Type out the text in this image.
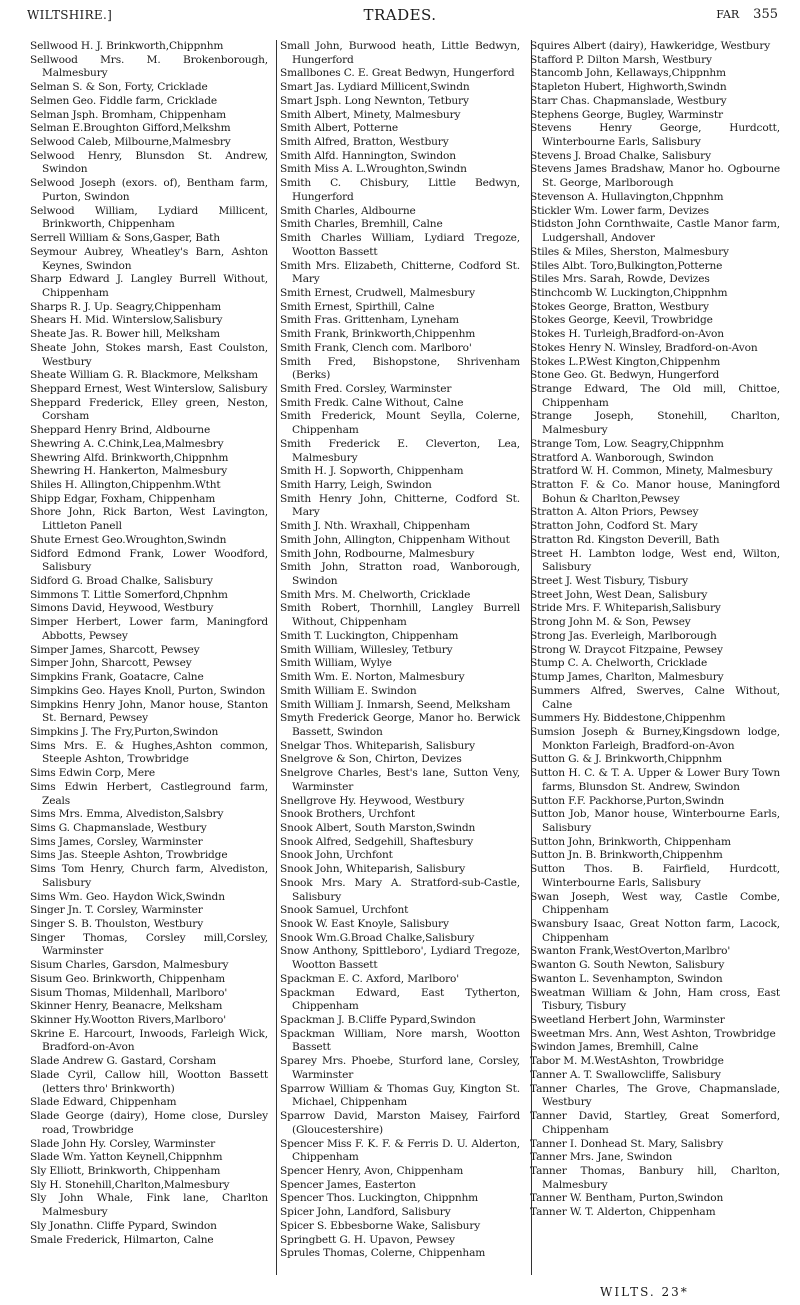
WILTSHIRE.]	TRADES.	FAR 355
Sellwood H. J. Brinkworth,Chippnhm
Sellwood Mrs. M. Brokenborough, Malmesbury
Selman S. & Son, Forty, Cricklade
Selmen Geo. Fiddle farm, Cricklade
Selman Jsph. Bromham, Chippenham
Selman E.Broughton Gifford,Melkshm
Selwood Caleb, Milbourne,Malmesbry
Selwood Henry, Blunsdon St. Andrew, Swindon
Selwood Joseph (exors. of), Bentham farm, Purton, Swindon
Selwood William, Lydiard Millicent, Brinkworth, Chippenham
Serrell William & Sons,Gasper, Bath
Seymour Aubrey, Wheatley's Barn, Ashton Keynes, Swindon
Sharp Edward J. Langley Burrell Without, Chippenham
Sharps R. J. Up. Seagry,Chippenham
Shears H. Mid. Winterslow,Salisbury
Sheate Jas. R. Bower hill, Melksham
Sheate John, Stokes marsh, East Coulston, Westbury
Sheate William G. R. Blackmore, Melksham
Sheppard Ernest, West Winterslow, Salisbury
Sheppard Frederick, Elley green, Neston, Corsham
Sheppard Henry Brind, Aldbourne
Shewring A. C.Chink,Lea,Malmesbry
Shewring Alfd. Brinkworth,Chippnhm
Shewring H. Hankerton, Malmesbury
Shiles H. Allington,Chippenhm.Wtht
Shipp Edgar, Foxham, Chippenham
Shore John, Rick Barton, West Lavington, Littleton Panell
Shute Ernest Geo.Wroughton,Swindn
Sidford Edmond Frank, Lower Woodford, Salisbury
Sidford G. Broad Chalke, Salisbury
Simmons T. Little Somerford,Chpnhm
Simons David, Heywood, Westbury
Simper Herbert, Lower farm, Maningford Abbotts, Pewsey
Simper James, Sharcott, Pewsey
Simper John, Sharcott, Pewsey
Simpkins Frank, Goatacre, Calne
Simpkins Geo. Hayes Knoll, Purton, Swindon
Simpkins Henry John, Manor house, Stanton St. Bernard, Pewsey
Simpkins J. The Fry,Purton,Swindon
Sims Mrs. E. & Hughes,Ashton common, Steeple Ashton, Trowbridge
Sims Edwin Corp, Mere
Sims Edwin Herbert, Castleground farm, Zeals
Sims Mrs. Emma, Alvediston,Salsbry
Sims G. Chapmanslade, Westbury
Sims James, Corsley, Warminster
Sims Jas. Steeple Ashton, Trowbridge
Sims Tom Henry, Church farm, Alvediston, Salisbury
Sims Wm. Geo. Haydon Wick,Swindn
Singer Jn. T. Corsley, Warminster
Singer S. B. Thoulston, Westbury
Singer Thomas, Corsley mill,Corsley, Warminster
Sisum Charles, Garsdon, Malmesbury
Sisum Geo. Brinkworth, Chippenham
Sisum Thomas, Mildenhall, Marlboro'
Skinner Henry, Beanacre, Melksham
Skinner Hy.Wootton Rivers,Marlboro'
Skrine E. Harcourt, Inwoods, Farleigh Wick, Bradford-on-Avon
Slade Andrew G. Gastard, Corsham
Slade Cyril, Callow hill, Wootton Bassett (letters thro' Brinkworth)
Slade Edward, Chippenham
Slade George (dairy), Home close, Dursley road, Trowbridge
Slade John Hy. Corsley, Warminster
Slade Wm. Yatton Keynell,Chippnhm
Sly Elliott, Brinkworth, Chippenham
Sly H. Stonehill,Charlton,Malmesbury
Sly John Whale, Fink lane, Charlton Malmesbury
Sly Jonathn. Cliffe Pypard, Swindon
Smale Frederick, Hilmarton, Calne
Small John, Burwood heath, Little Bedwyn, Hungerford
Smallbones C. E. Great Bedwyn, Hungerford
Smart Jas. Lydiard Millicent,Swindn
Smart Jsph. Long Newnton, Tetbury
Smith Albert, Minety, Malmesbury
Smith Albert, Potterne
Smith Alfred, Bratton, Westbury
Smith Alfd. Hannington, Swindon
Smith Miss A. L.Wroughton,Swindn
Smith C. Chisbury, Little Bedwyn, Hungerford
Smith Charles, Aldbourne
Smith Charles, Bremhill, Calne
Smith Charles William, Lydiard Tregoze, Wootton Bassett
Smith Mrs. Elizabeth, Chitterne, Codford St. Mary
Smith Ernest, Crudwell, Malmesbury
Smith Ernest, Spirthill, Calne
Smith Fras. Grittenham, Lyneham
Smith Frank, Brinkworth,Chippenhm
Smith Frank, Clench com. Marlboro'
Smith Fred, Bishopstone, Shrivenham (Berks)
Smith Fred. Corsley, Warminster
Smith Fredk. Calne Without, Calne
Smith Frederick, Mount Seylla, Colerne, Chippenham
Smith Frederick E. Cleverton, Lea, Malmesbury
Smith H. J. Sopworth, Chippenham
Smith Harry, Leigh, Swindon
Smith Henry John, Chitterne, Codford St. Mary
Smith J. Nth. Wraxhall, Chippenham
Smith John, Allington, Chippenham Without
Smith John, Rodbourne, Malmesbury
Smith John, Stratton road, Wanborough, Swindon
Smith Mrs. M. Chelworth, Cricklade
Smith Robert, Thornhill, Langley Burrell Without, Chippenham
Smith T. Luckington, Chippenham
Smith William, Willesley, Tetbury
Smith William, Wylye
Smith Wm. E. Norton, Malmesbury
Smith William E. Swindon
Smith William J. Inmarsh, Seend, Melksham
Smyth Frederick George, Manor ho. Berwick Bassett, Swindon
Snelgar Thos. Whiteparish, Salisbury
Snelgrove & Son, Chirton, Devizes
Snelgrove Charles, Best's lane, Sutton Veny, Warminster
Snellgrove Hy. Heywood, Westbury
Snook Brothers, Urchfont
Snook Albert, South Marston,Swindn
Snook Alfred, Sedgehill, Shaftesbury
Snook John, Urchfont
Snook John, Whiteparish, Salisbury
Snook Mrs. Mary A. Stratford-sub-Castle, Salisbury
Snook Samuel, Urchfont
Snook W. East Knoyle, Salisbury
Snook Wm.G.Broad Chalke,Salisbury
Snow Anthony, Spittleboro', Lydiard Tregoze, Wootton Bassett
Spackman E. C. Axford, Marlboro'
Spackman Edward, East Tytherton, Chippenham
Spackman J. B.Cliffe Pypard,Swindon
Spackman William, Nore marsh, Wootton Bassett
Sparey Mrs. Phoebe, Sturford lane, Corsley, Warminster
Sparrow William & Thomas Guy, Kington St. Michael, Chippenham
Sparrow David, Marston Maisey, Fairford (Gloucestershire)
Spencer Miss F. K. F. & Ferris D. U. Alderton, Chippenham
Spencer Henry, Avon, Chippenham
Spencer James, Easterton
Spencer Thos. Luckington, Chippnhm
Spicer John, Landford, Salisbury
Spicer S. Ebbesborne Wake, Salisbury
Springbett G. H. Upavon, Pewsey
Sprules Thomas, Colerne, Chippenham
Squires Albert (dairy), Hawkeridge, Westbury
Stafford P. Dilton Marsh, Westbury
Stancomb John, Kellaways,Chippnhm
Stapleton Hubert, Highworth,Swindn
Starr Chas. Chapmanslade, Westbury
Stephens George, Bugley, Warminstr
Stevens Henry George, Hurdcott, Winterbourne Earls, Salisbury
Stevens J. Broad Chalke, Salisbury
Stevens James Bradshaw, Manor ho. Ogbourne St. George, Marlborough
Stevenson A. Hullavington,Chppnhm
Stickler Wm. Lower farm, Devizes
Stidston John Cornthwaite, Castle Manor farm, Ludgershall, Andover
Stiles & Miles, Sherston, Malmesbury
Stiles Albt. Toro,Bulkington,Potterne
Stiles Mrs. Sarah, Rowde, Devizes
Stinchcomb W. Luckington,Chippnhm
Stokes George, Bratton, Westbury
Stokes George, Keevil, Trowbridge
Stokes H. Turleigh,Bradford-on-Avon
Stokes Henry N. Winsley, Bradford-on-Avon
Stokes L.P.West Kington,Chippenhm
Stone Geo. Gt. Bedwyn, Hungerford
Strange Edward, The Old mill, Chittoe, Chippenham
Strange Joseph, Stonehill, Charlton, Malmesbury
Strange Tom, Low. Seagry,Chippnhm
Stratford A. Wanborough, Swindon
Stratford W. H. Common, Minety, Malmesbury
Stratton F. & Co. Manor house, Maningford Bohun & Charlton,Pewsey
Stratton A. Alton Priors, Pewsey
Stratton John, Codford St. Mary
Stratton Rd. Kingston Deverill, Bath
Street H. Lambton lodge, West end, Wilton, Salisbury
Street J. West Tisbury, Tisbury
Street John, West Dean, Salisbury
Stride Mrs. F. Whiteparish,Salisbury
Strong John M. & Son, Pewsey
Strong Jas. Everleigh, Marlborough
Strong W. Draycot Fitzpaine, Pewsey
Stump C. A. Chelworth, Cricklade
Stump James, Charlton, Malmesbury
Summers Alfred, Swerves, Calne Without, Calne
Summers Hy. Biddestone,Chippenhm
Sumsion Joseph & Burney,Kingsdown lodge, Monkton Farleigh, Bradford-on-Avon
Sutton G. & J. Brinkworth,Chippnhm
Sutton H. C. & T. A. Upper & Lower Bury Town farms, Blunsdon St. Andrew, Swindon
Sutton F.F. Packhorse,Purton,Swindn
Sutton Job, Manor house, Winterbourne Earls, Salisbury
Sutton John, Brinkworth, Chippenham
Sutton Jn. B. Brinkworth,Chippenhm
Sutton Thos. B. Fairfield, Hurdcott, Winterbourne Earls, Salisbury
Swan Joseph, West way, Castle Combe, Chippenham
Swansbury Isaac, Great Notton farm, Lacock, Chippenham
Swanton Frank,WestOverton,Marlbro'
Swanton G. South Newton, Salisbury
Swanton L. Sevenhampton, Swindon
Sweatman William & John, Ham cross, East Tisbury, Tisbury
Sweetland Herbert John, Warminster
Sweetman Mrs. Ann, West Ashton, Trowbridge
Swindon James, Bremhill, Calne
Tabor M. M.WestAshton, Trowbridge
Tanner A. T. Swallowcliffe, Salisbury
Tanner Charles, The Grove, Chapmanslade, Westbury
Tanner David, Startley, Great Somerford, Chippenham
Tanner I. Donhead St. Mary, Salisbry
Tanner Mrs. Jane, Swindon
Tanner Thomas, Banbury hill, Charlton, Malmesbury
Tanner W. Bentham, Purton,Swindon
Tanner W. T. Alderton, Chippenham
WILTS. 23*
